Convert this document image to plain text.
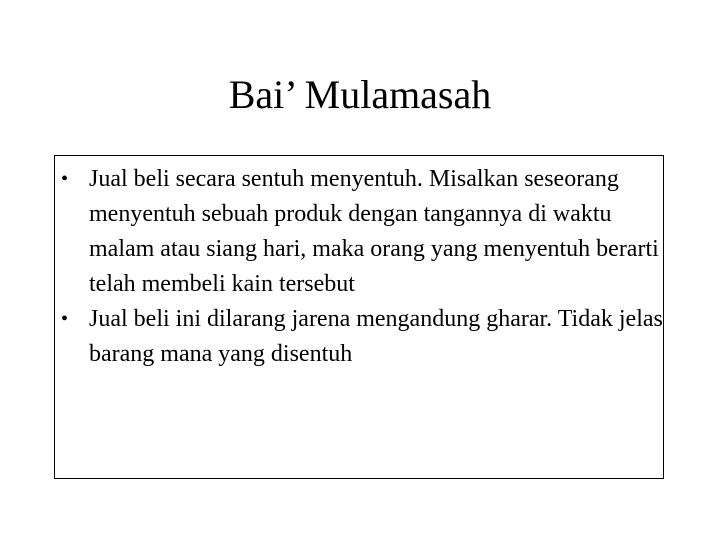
Bai’ Mulamasah
• Jual beli secara sentuh menyentuh. Misalkan seseorang menyentuh sebuah produk dengan tangannya di waktu malam atau siang hari, maka orang yang menyentuh berarti telah membeli kain tersebut
• Jual beli ini dilarang jarena mengandung gharar. Tidak jelas barang mana yang disentuh
